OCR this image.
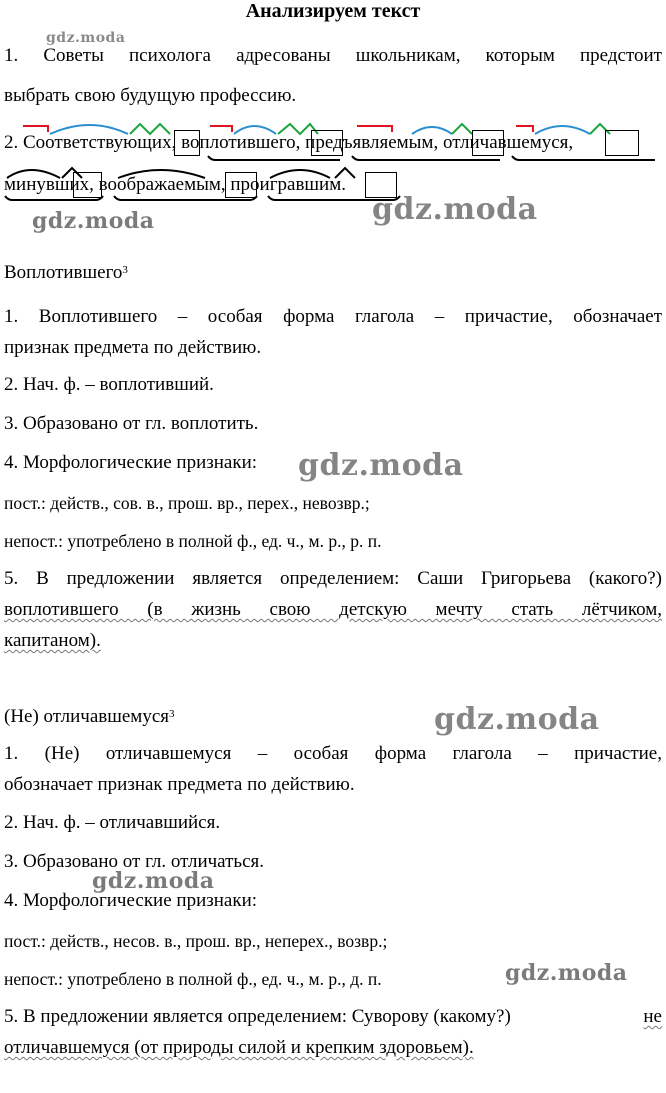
Анализируем текст
1. Советы психолога адресованы школьникам, которым предстоит
выбрать свою будущую профессию.
2. Соответствующих, воплотившего, предъявляемым, отличавшемуся,
минувших, воображаемым, проигравшим.
Воплотившего$^3$
1. Воплотившего – особая форма глагола – причастие, обозначает
признак предмета по действию.
2. Нач. ф. – воплотивший.
3. Образовано от гл. воплотить.
4. Морфологические признаки:
пост.: действ., сов. в., прош. вр., перех., невозвр.;
непост.: употреблено в полной ф., ед. ч., м. р., р. п.
5. В предложении является определением: Саши Григорьева (какого?)
воплотившего (в жизнь свою детскую мечту стать лётчиком,
капитаном).
(Не) отличавшемуся$^3$
1. (Не) отличавшемуся – особая форма глагола – причастие,
обозначает признак предмета по действию.
2. Нач. ф. – отличавшийся.
3. Образовано от гл. отличаться.
4. Морфологические признаки:
пост.: действ., несов. в., прош. вр., неперех., возвр.;
непост.: употреблено в полной ф., ед. ч., м. р., д. п.
5. В предложении является определением: Суворову (какому?)	не
отличавшемуся (от природы силой и крепким здоровьем).
gdz.moda
gdz.moda	gdz.moda
gdz.moda
gdz.moda
gdz.moda
gdz.moda
